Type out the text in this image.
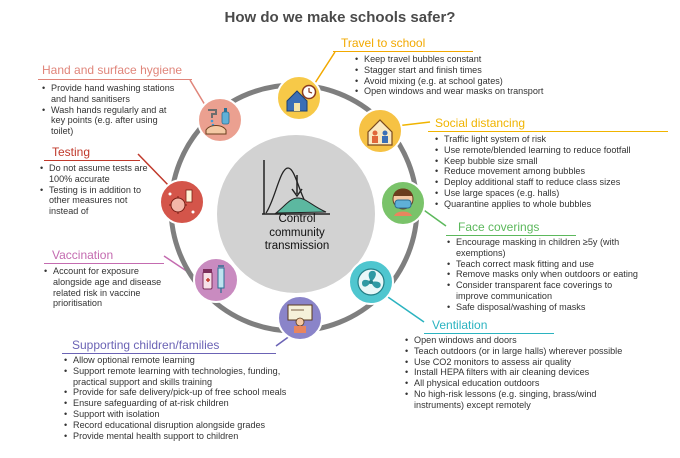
How do we make schools safer?
Control
community
transmission
Travel to school
• Keep travel bubbles constant
• Stagger start and finish times
• Avoid mixing (e.g. at school gates)
• Open windows and wear masks on transport
Social distancing
• Traffic light system of risk
• Use remote/blended learning to reduce footfall
• Keep bubble size small
• Reduce movement among bubbles
• Deploy additional staff to reduce class sizes
• Use large spaces (e.g. halls)
• Quarantine applies to whole bubbles
Face coverings
• Encourage masking in children ≥5y (with
exemptions)
• Teach correct mask fitting and use
• Remove masks only when outdoors or eating
• Consider transparent face coverings to
improve communication
• Safe disposal/washing of masks
Ventilation
• Open windows and doors
• Teach outdoors (or in large halls) wherever possible
• Use CO2 monitors to assess air quality
• Install HEPA filters with air cleaning devices
• All physical education outdoors
• No high-risk lessons (e.g. singing, brass/wind
instruments) except remotely
Supporting children/families
• Allow optional remote learning
• Support remote learning with technologies, funding,
practical support and skills training
• Provide for safe delivery/pick-up of free school meals
• Ensure safeguarding of at-risk children
• Support with isolation
• Record educational disruption alongside grades
• Provide mental health support to children
Vaccination
• Account for exposure
alongside age and disease
related risk in vaccine
prioritisation
Testing
• Do not assume tests are
100% accurate
• Testing is in addition to
other measures not
instead of
Hand and surface hygiene
• Provide hand washing stations
and hand sanitisers
• Wash hands regularly and at
key points (e.g. after using
toilet)
